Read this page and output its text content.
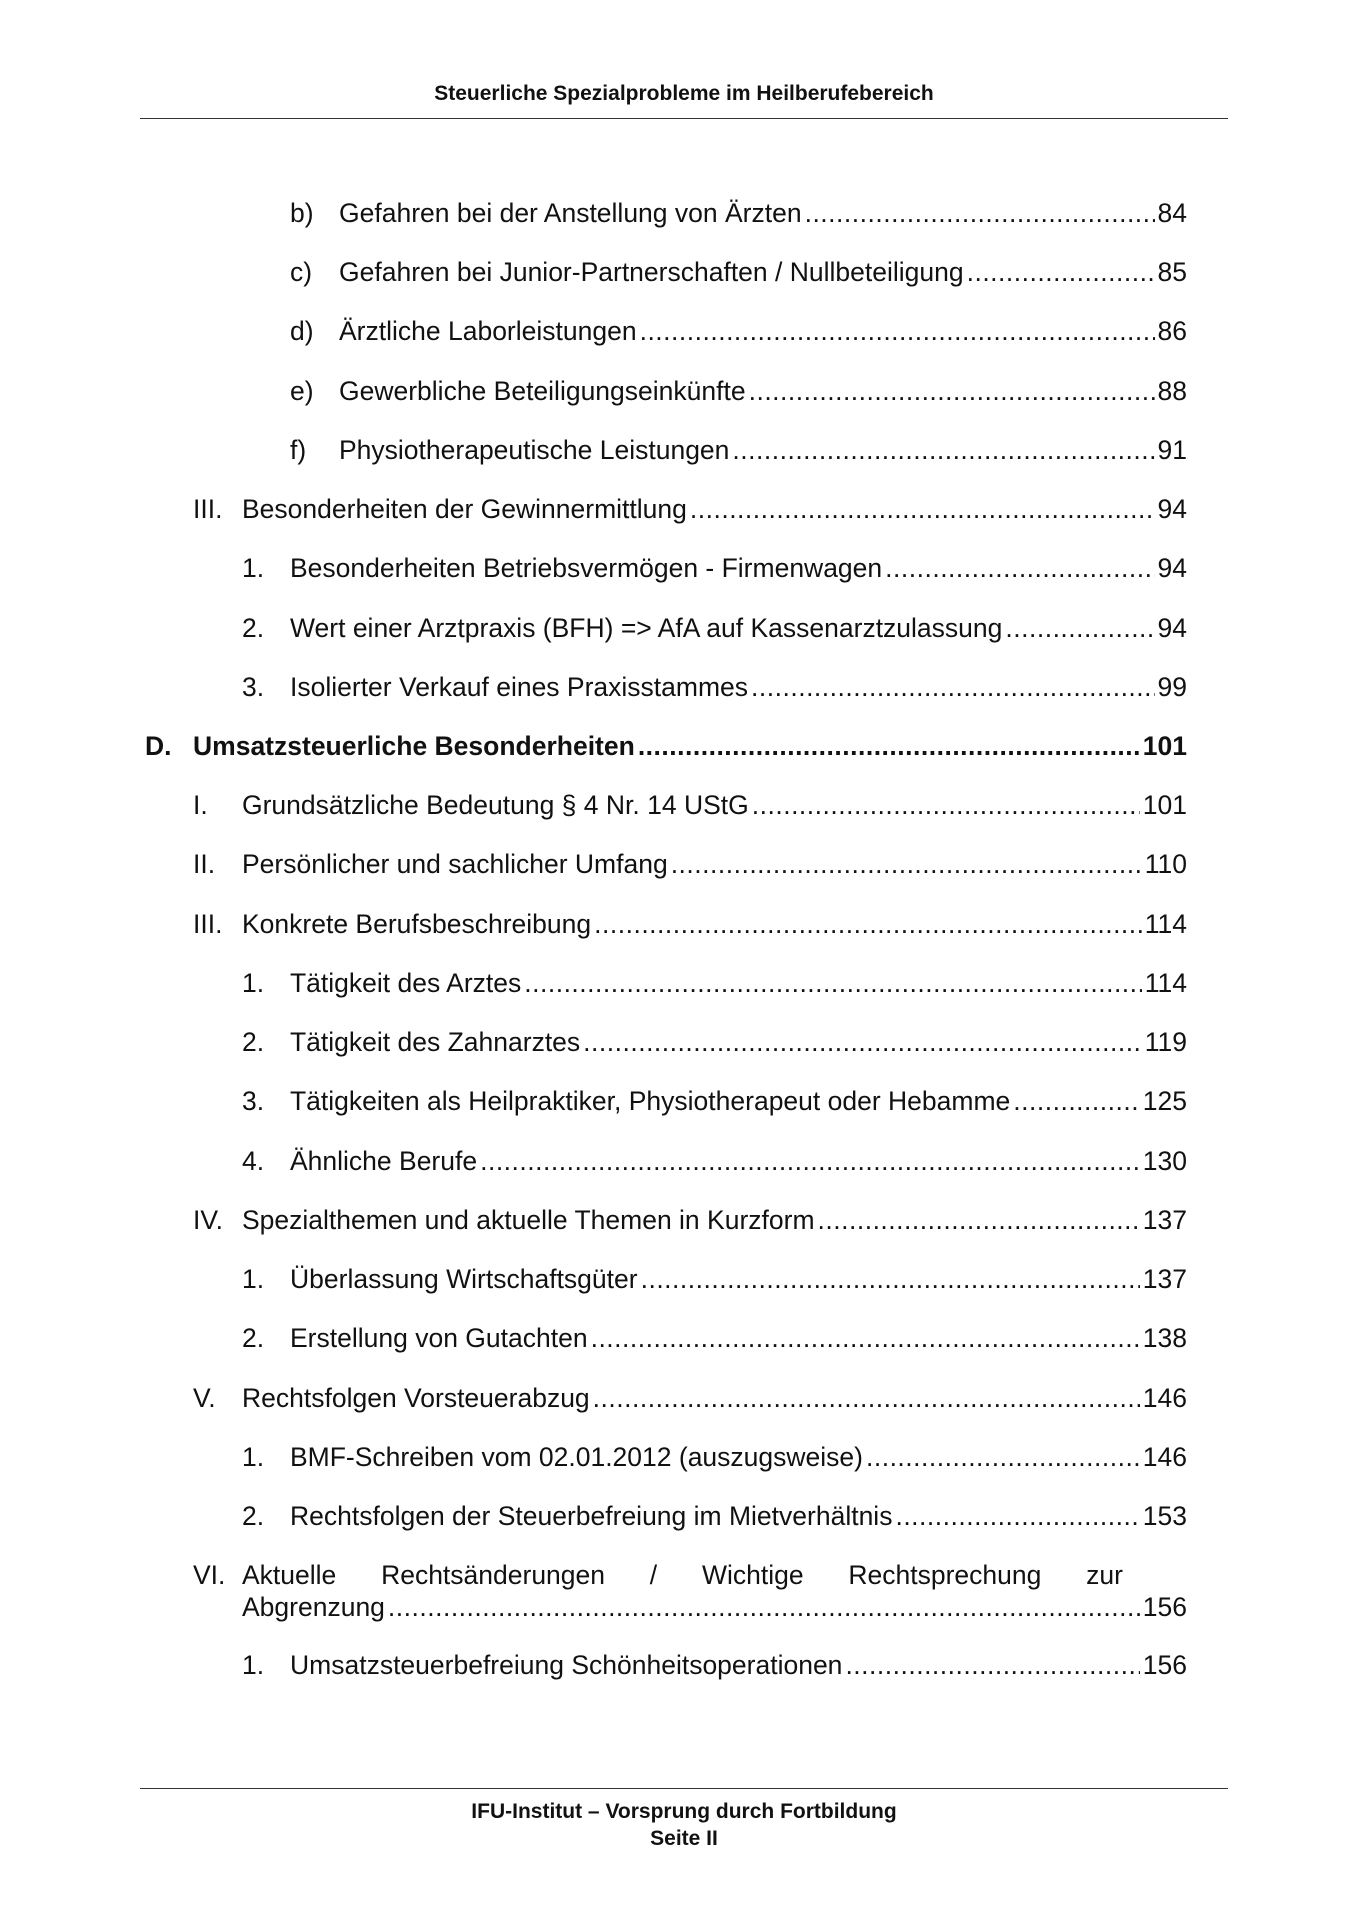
Steuerliche Spezialprobleme im Heilberufebereich
b) Gefahren bei der Anstellung von Ärzten .....	84
c) Gefahren bei Junior-Partnerschaften / Nullbeteiligung .....	85
d) Ärztliche Laborleistungen .....	86
e) Gewerbliche Beteiligungseinkünfte .....	88
f) Physiotherapeutische Leistungen .....	91
III. Besonderheiten der Gewinnermittlung .....	94
1. Besonderheiten Betriebsvermögen - Firmenwagen .....	94
2. Wert einer Arztpraxis (BFH) => AfA auf Kassenarztzulassung .....	94
3. Isolierter Verkauf eines Praxisstammes .....	99
D. Umsatzsteuerliche Besonderheiten .....	101
I. Grundsätzliche Bedeutung § 4 Nr. 14 UStG .....	101
II. Persönlicher und sachlicher Umfang .....	110
III. Konkrete Berufsbeschreibung .....	114
1. Tätigkeit des Arztes .....	114
2. Tätigkeit des Zahnarztes .....	119
3. Tätigkeiten als Heilpraktiker, Physiotherapeut oder Hebamme .....	125
4. Ähnliche Berufe .....	130
IV. Spezialthemen und aktuelle Themen in Kurzform .....	137
1. Überlassung Wirtschaftsgüter .....	137
2. Erstellung von Gutachten .....	138
V. Rechtsfolgen Vorsteuerabzug .....	146
1. BMF-Schreiben vom 02.01.2012 (auszugsweise) .....	146
2. Rechtsfolgen der Steuerbefreiung im Mietverhältnis .....	153
VI. Aktuelle Rechtsänderungen / Wichtige Rechtsprechung zur
Abgrenzung .....	156
1. Umsatzsteuerbefreiung Schönheitsoperationen .....	156
IFU-Institut – Vorsprung durch Fortbildung
Seite II
